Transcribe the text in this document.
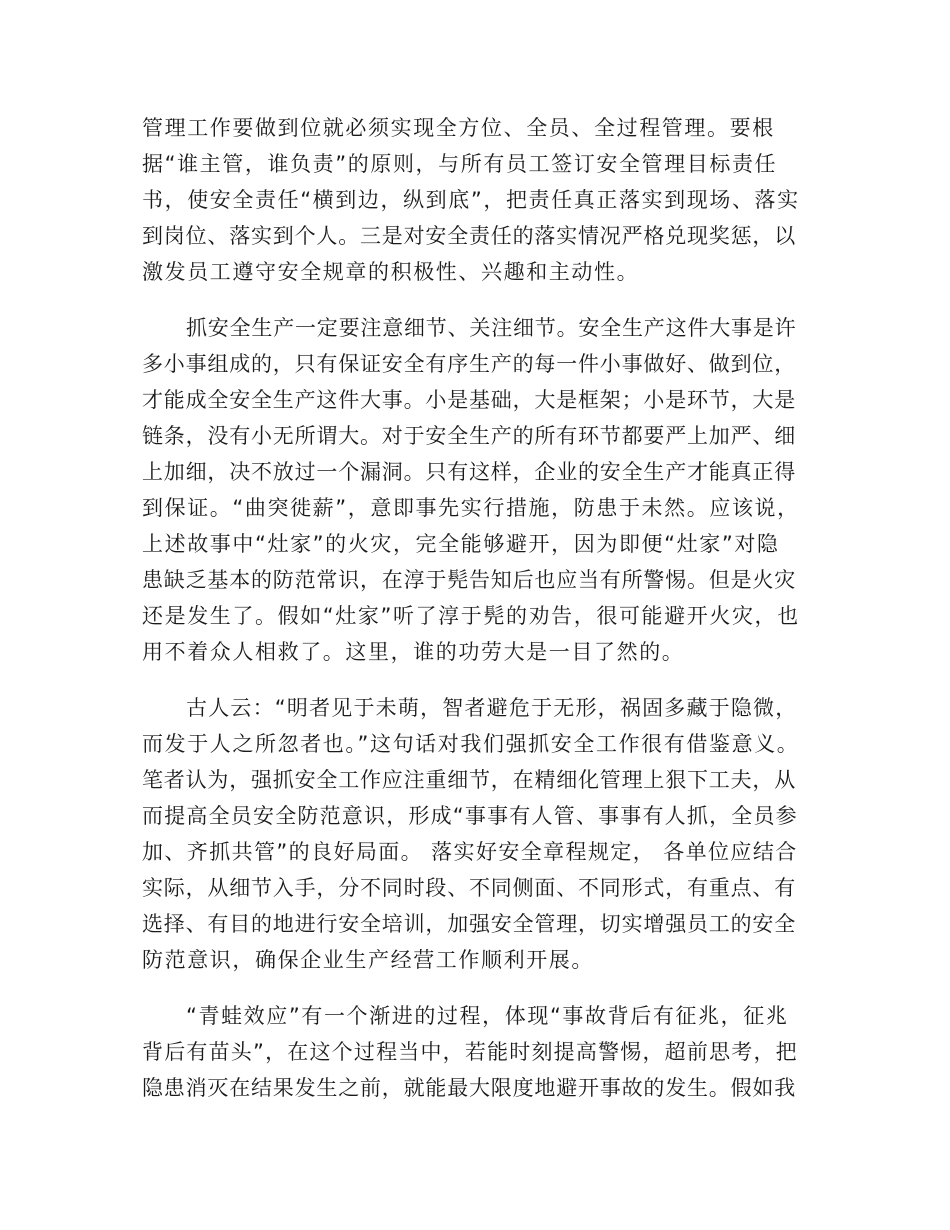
管理工作要做到位就必须实现全方位、全员、全过程管理。要根
据“谁主管，谁负责”的原则，与所有员工签订安全管理目标责任
书，使安全责任“横到边，纵到底”，把责任真正落实到现场、落实
到岗位、落实到个人。三是对安全责任的落实情况严格兑现奖惩，以
激发员工遵守安全规章的积极性、兴趣和主动性。
抓安全生产一定要注意细节、关注细节。安全生产这件大事是许
多小事组成的，只有保证安全有序生产的每一件小事做好、做到位，
才能成全安全生产这件大事。小是基础，大是框架；小是环节，大是
链条，没有小无所谓大。对于安全生产的所有环节都要严上加严、细
上加细，决不放过一个漏洞。只有这样，企业的安全生产才能真正得
到保证。“曲突徙薪”，意即事先实行措施，防患于未然。应该说，
上述故事中“灶家”的火灾，完全能够避开，因为即便“灶家”对隐
患缺乏基本的防范常识，在淳于髡告知后也应当有所警惕。但是火灾
还是发生了。假如“灶家”听了淳于髡的劝告，很可能避开火灾，也
用不着众人相救了。这里，谁的功劳大是一目了然的。
古人云：“明者见于未萌，智者避危于无形，祸固多藏于隐微，
而发于人之所忽者也。”这句话对我们强抓安全工作很有借鉴意义。
笔者认为，强抓安全工作应注重细节，在精细化管理上狠下工夫，从
而提高全员安全防范意识，形成“事事有人管、事事有人抓，全员参
加、齐抓共管”的良好局面。 落实好安全章程规定， 各单位应结合
实际，从细节入手，分不同时段、不同侧面、不同形式，有重点、有
选择、有目的地进行安全培训，加强安全管理，切实增强员工的安全
防范意识，确保企业生产经营工作顺利开展。
“青蛙效应”有一个渐进的过程，体现“事故背后有征兆，征兆
背后有苗头”，在这个过程当中，若能时刻提高警惕，超前思考，把
隐患消灭在结果发生之前，就能最大限度地避开事故的发生。假如我
